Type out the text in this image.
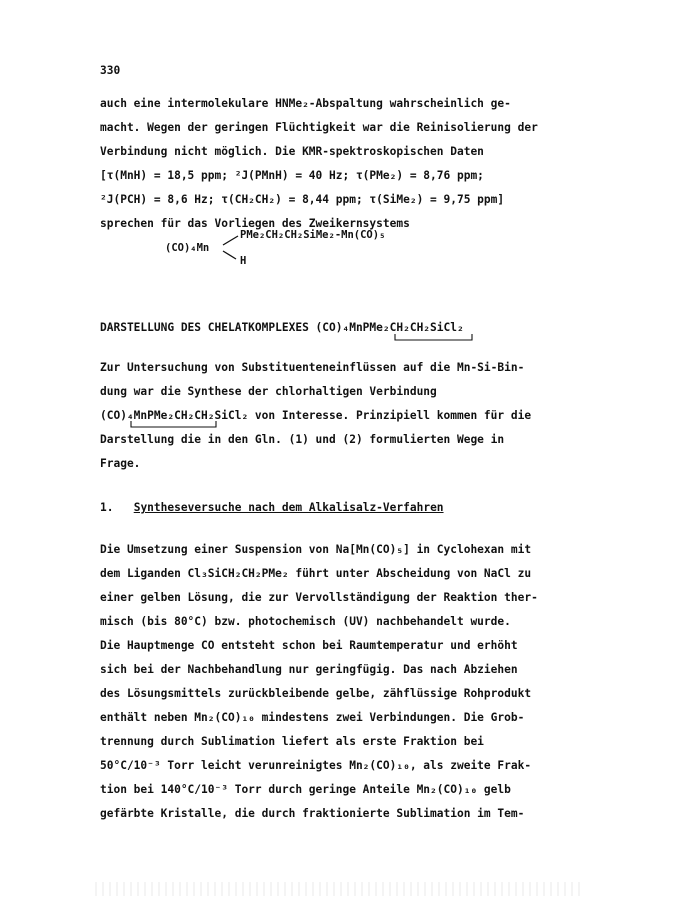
330
auch eine intermolekulare HNMe₂-Abspaltung wahrscheinlich ge-
macht. Wegen der geringen Flüchtigkeit war die Reinisolierung der
Verbindung nicht möglich. Die KMR-spektroskopischen Daten
[τ(MnH) = 18,5 ppm; ²J(PMnH) = 40 Hz; τ(PMe₂) = 8,76 ppm;
²J(PCH) = 8,6 Hz; τ(CH₂CH₂) = 8,44 ppm; τ(SiMe₂) = 9,75 ppm]
sprechen für das Vorliegen des Zweikernsystems
(CO)₄Mn
PMe₂CH₂CH₂SiMe₂-Mn(CO)₅
H
DARSTELLUNG DES CHELATKOMPLEXES (CO)₄MnPMe₂CH₂CH₂SiCl₂
Zur Untersuchung von Substituenteneinflüssen auf die Mn-Si-Bin-
dung war die Synthese der chlorhaltigen Verbindung
(CO)₄MnPMe₂CH₂CH₂SiCl₂ von Interesse. Prinzipiell kommen für die
Darstellung die in den Gln. (1) und (2) formulierten Wege in
Frage.
1. Syntheseversuche nach dem Alkalisalz-Verfahren
Die Umsetzung einer Suspension von Na[Mn(CO)₅] in Cyclohexan mit
dem Liganden Cl₃SiCH₂CH₂PMe₂ führt unter Abscheidung von NaCl zu
einer gelben Lösung, die zur Vervollständigung der Reaktion ther-
misch (bis 80°C) bzw. photochemisch (UV) nachbehandelt wurde.
Die Hauptmenge CO entsteht schon bei Raumtemperatur und erhöht
sich bei der Nachbehandlung nur geringfügig. Das nach Abziehen
des Lösungsmittels zurückbleibende gelbe, zähflüssige Rohprodukt
enthält neben Mn₂(CO)₁₀ mindestens zwei Verbindungen. Die Grob-
trennung durch Sublimation liefert als erste Fraktion bei
50°C/10⁻³ Torr leicht verunreinigtes Mn₂(CO)₁₀, als zweite Frak-
tion bei 140°C/10⁻³ Torr durch geringe Anteile Mn₂(CO)₁₀ gelb
gefärbte Kristalle, die durch fraktionierte Sublimation im Tem-
